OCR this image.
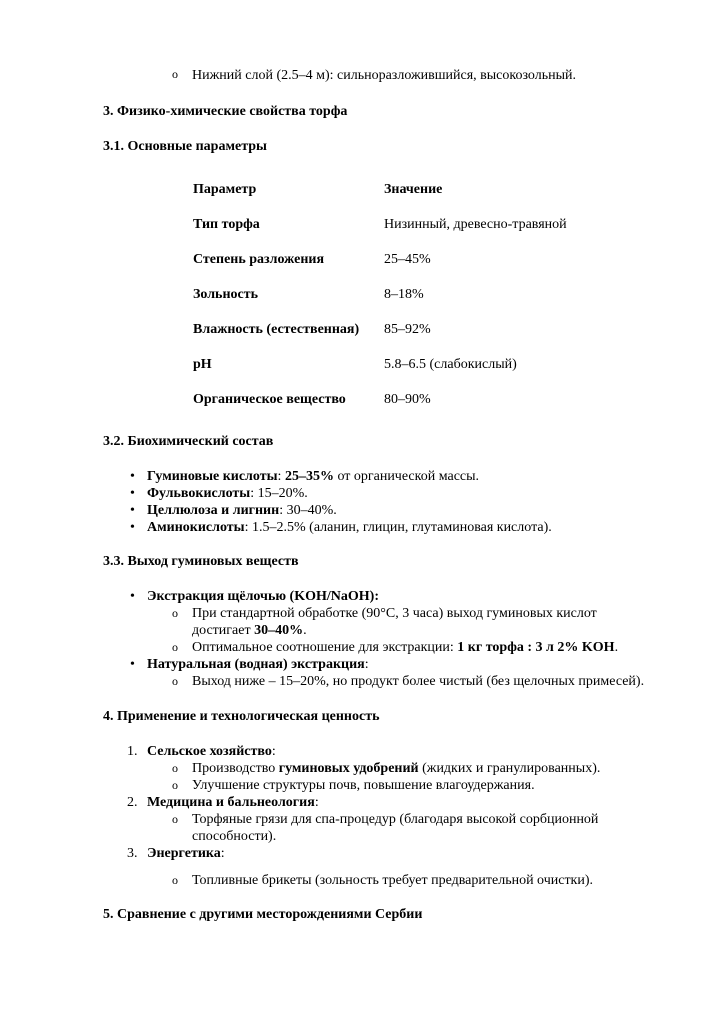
o Нижний слой (2.5–4 м): сильноразложившийся, высокозольный.
3. Физико-химические свойства торфа
3.1. Основные параметры
Параметр	Значение
Тип торфа	Низинный, древесно-травяной
Степень разложения	25–45%
Зольность	8–18%
Влажность (естественная) 85–92%
pH	5.8–6.5 (слабокислый)
Органическое вещество	80–90%
3.2. Биохимический состав
• Гуминовые кислоты: 25–35% от органической массы.
• Фульвокислоты: 15–20%.
• Целлюлоза и лигнин: 30–40%.
• Аминокислоты: 1.5–2.5% (аланин, глицин, глутаминовая кислота).
3.3. Выход гуминовых веществ
• Экстракция щёлочью (KOH/NaOH):
o При стандартной обработке (90°C, 3 часа) выход гуминовых кислот
достигает 30–40%.
o Оптимальное соотношение для экстракции: 1 кг торфа : 3 л 2% KOH.
• Натуральная (водная) экстракция:
o Выход ниже – 15–20%, но продукт более чистый (без щелочных примесей).
4. Применение и технологическая ценность
1. Сельское хозяйство:
o Производство гуминовых удобрений (жидких и гранулированных).
o Улучшение структуры почв, повышение влагоудержания.
2. Медицина и бальнеология:
o Торфяные грязи для спа-процедур (благодаря высокой сорбционной
способности).
3. Энергетика:
o Топливные брикеты (зольность требует предварительной очистки).
5. Сравнение с другими месторождениями Сербии
